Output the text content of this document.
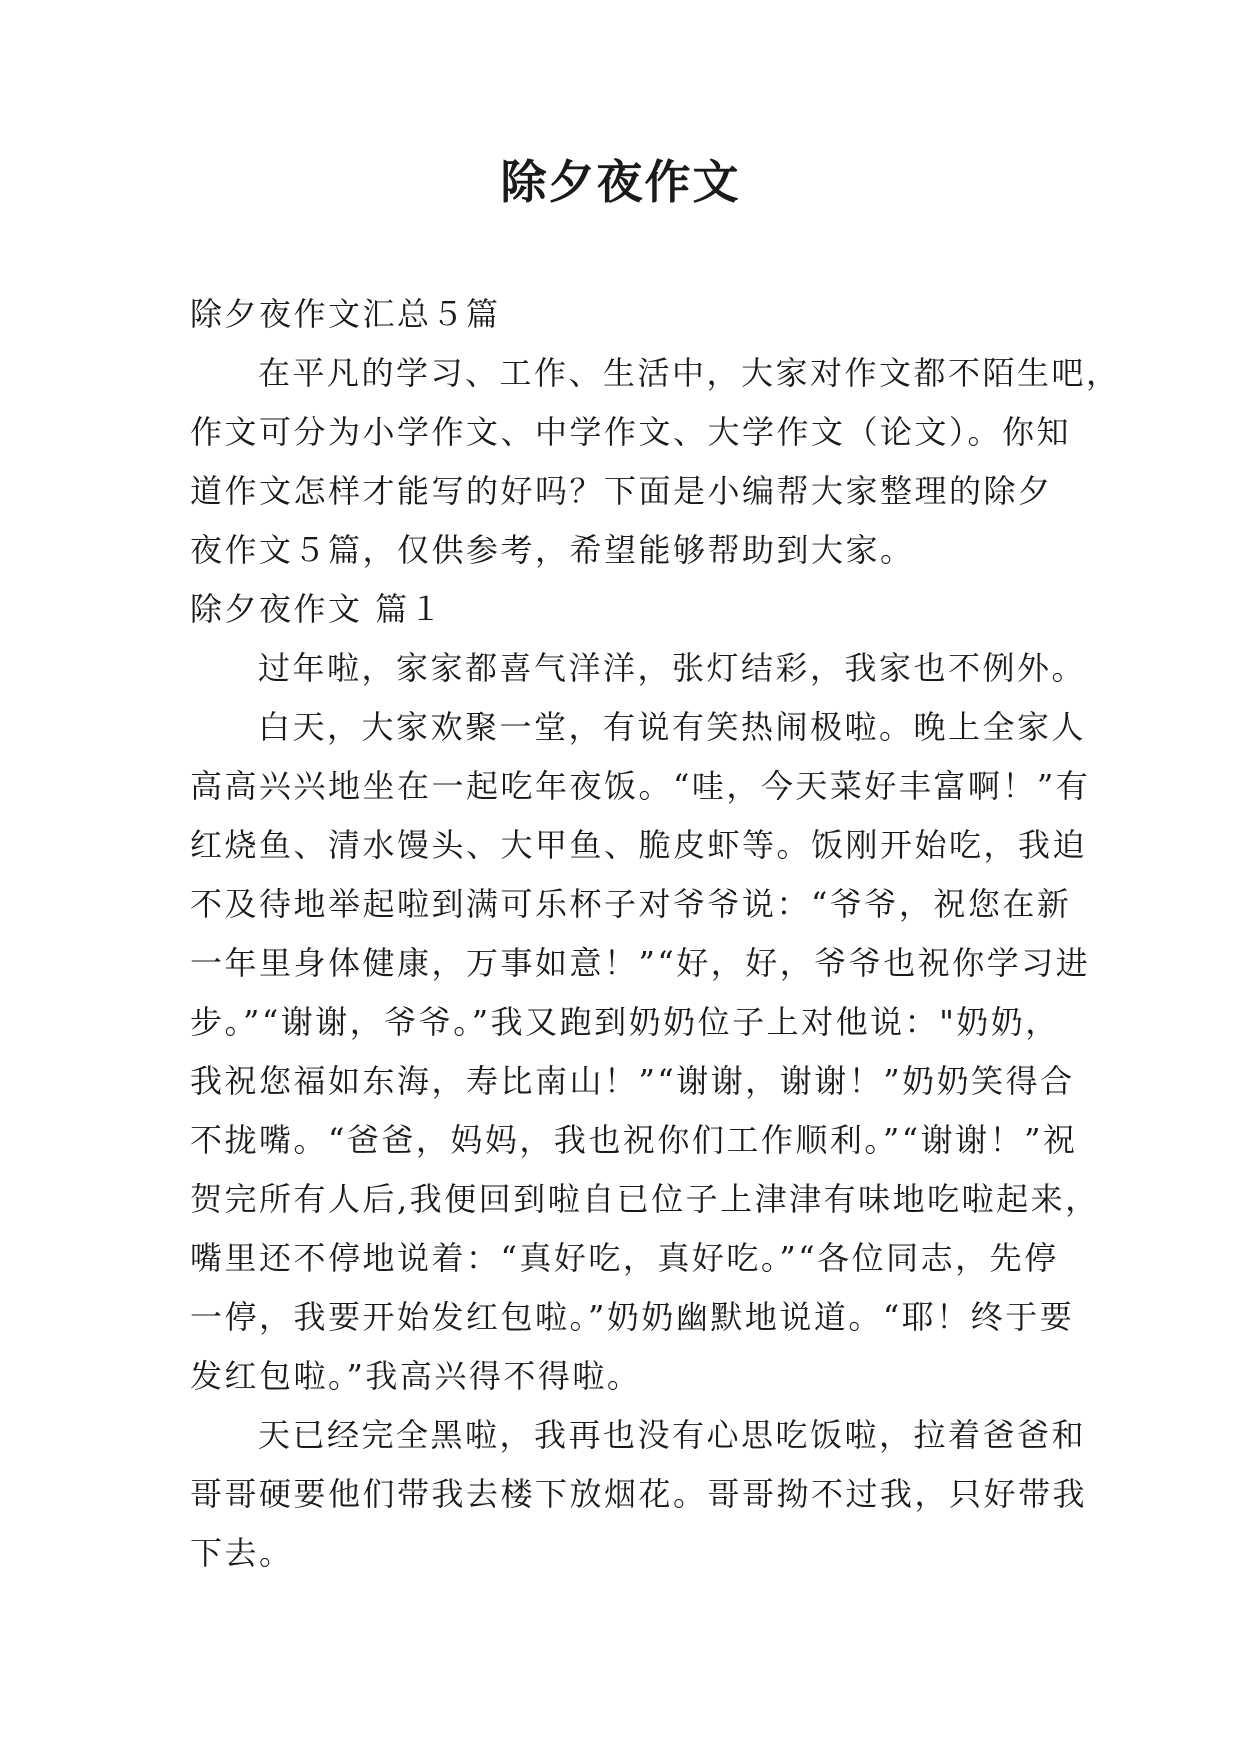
除夕夜作文

除夕夜作文汇总５篇

在平凡的学习、工作、生活中，大家对作文都不陌生吧，
作文可分为小学作文、中学作文、大学作文（论文）。你知
道作文怎样才能写的好吗？下面是小编帮大家整理的除夕
夜作文５篇，仅供参考，希望能够帮助到大家。

除夕夜作文 篇１

过年啦，家家都喜气洋洋，张灯结彩，我家也不例外。
白天，大家欢聚一堂，有说有笑热闹极啦。晚上全家人
高高兴兴地坐在一起吃年夜饭。“哇，今天菜好丰富啊！”有
红烧鱼、清水馒头、大甲鱼、脆皮虾等。饭刚开始吃，我迫
不及待地举起啦到满可乐杯子对爷爷说：“爷爷，祝您在新
一年里身体健康，万事如意！”“好，好，爷爷也祝你学习进
步。”“谢谢，爷爷。”我又跑到奶奶位子上对他说："奶奶，
我祝您福如东海，寿比南山！”“谢谢，谢谢！”奶奶笑得合
不拢嘴。“爸爸，妈妈，我也祝你们工作顺利。”“谢谢！”祝
贺完所有人后,我便回到啦自已位子上津津有味地吃啦起来，
嘴里还不停地说着：“真好吃，真好吃。”“各位同志，先停
一停，我要开始发红包啦。”奶奶幽默地说道。“耶！终于要
发红包啦。”我高兴得不得啦。
天已经完全黑啦，我再也没有心思吃饭啦，拉着爸爸和
哥哥硬要他们带我去楼下放烟花。哥哥拗不过我，只好带我
下去。
